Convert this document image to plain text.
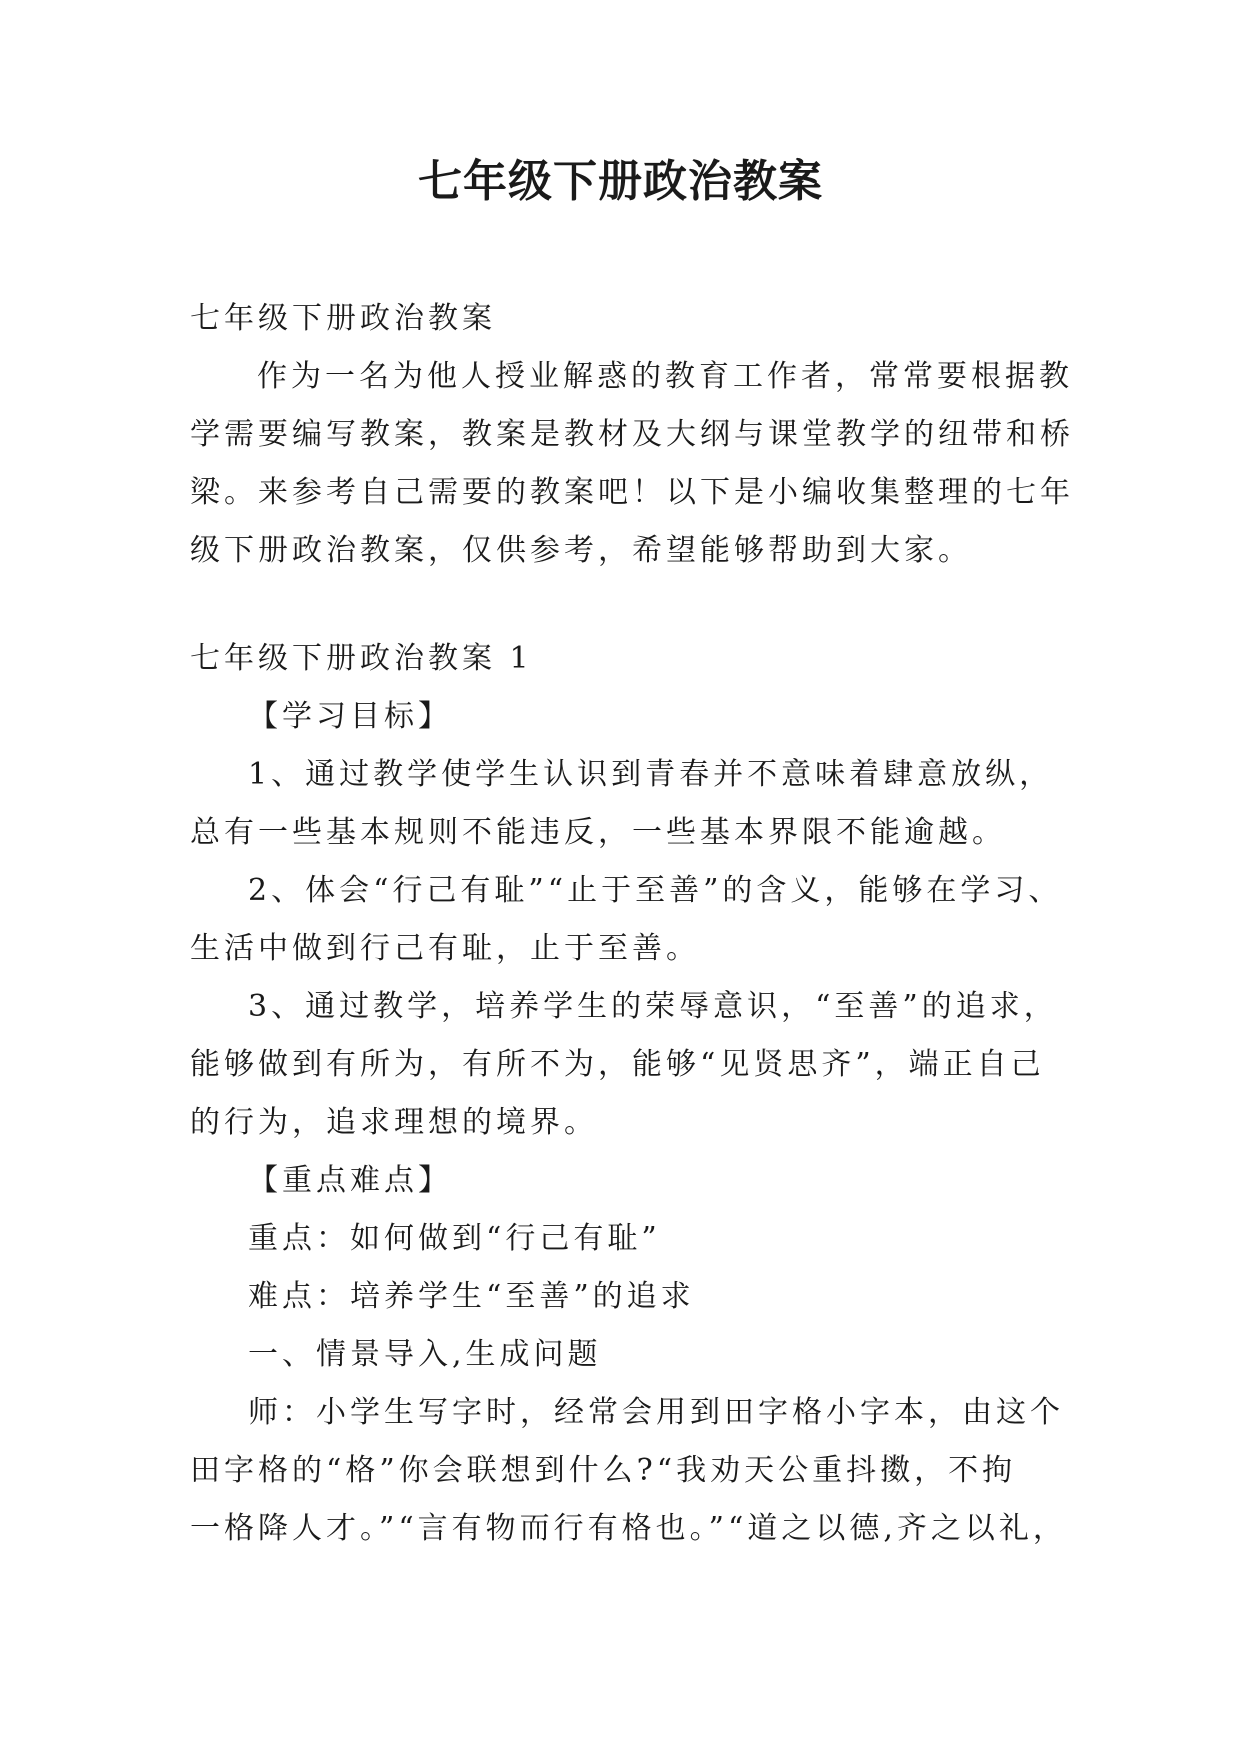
七年级下册政治教案
七年级下册政治教案
作为一名为他人授业解惑的教育工作者，常常要根据教
学需要编写教案，教案是教材及大纲与课堂教学的纽带和桥
梁。来参考自己需要的教案吧！以下是小编收集整理的七年
级下册政治教案，仅供参考，希望能够帮助到大家。
七年级下册政治教案 1
【学习目标】
1、通过教学使学生认识到青春并不意味着肆意放纵，
总有一些基本规则不能违反，一些基本界限不能逾越。
2、体会“行己有耻”“止于至善”的含义，能够在学习、
生活中做到行己有耻，止于至善。
3、通过教学，培养学生的荣辱意识，“至善”的追求，
能够做到有所为，有所不为，能够“见贤思齐”，端正自己
的行为，追求理想的境界。
【重点难点】
重点：如何做到“行己有耻”
难点：培养学生“至善”的追求
一、情景导入,生成问题
师：小学生写字时，经常会用到田字格小字本，由这个
田字格的“格”你会联想到什么?“我劝天公重抖擞，不拘
一格降人才。”“言有物而行有格也。”“道之以德,齐之以礼，
